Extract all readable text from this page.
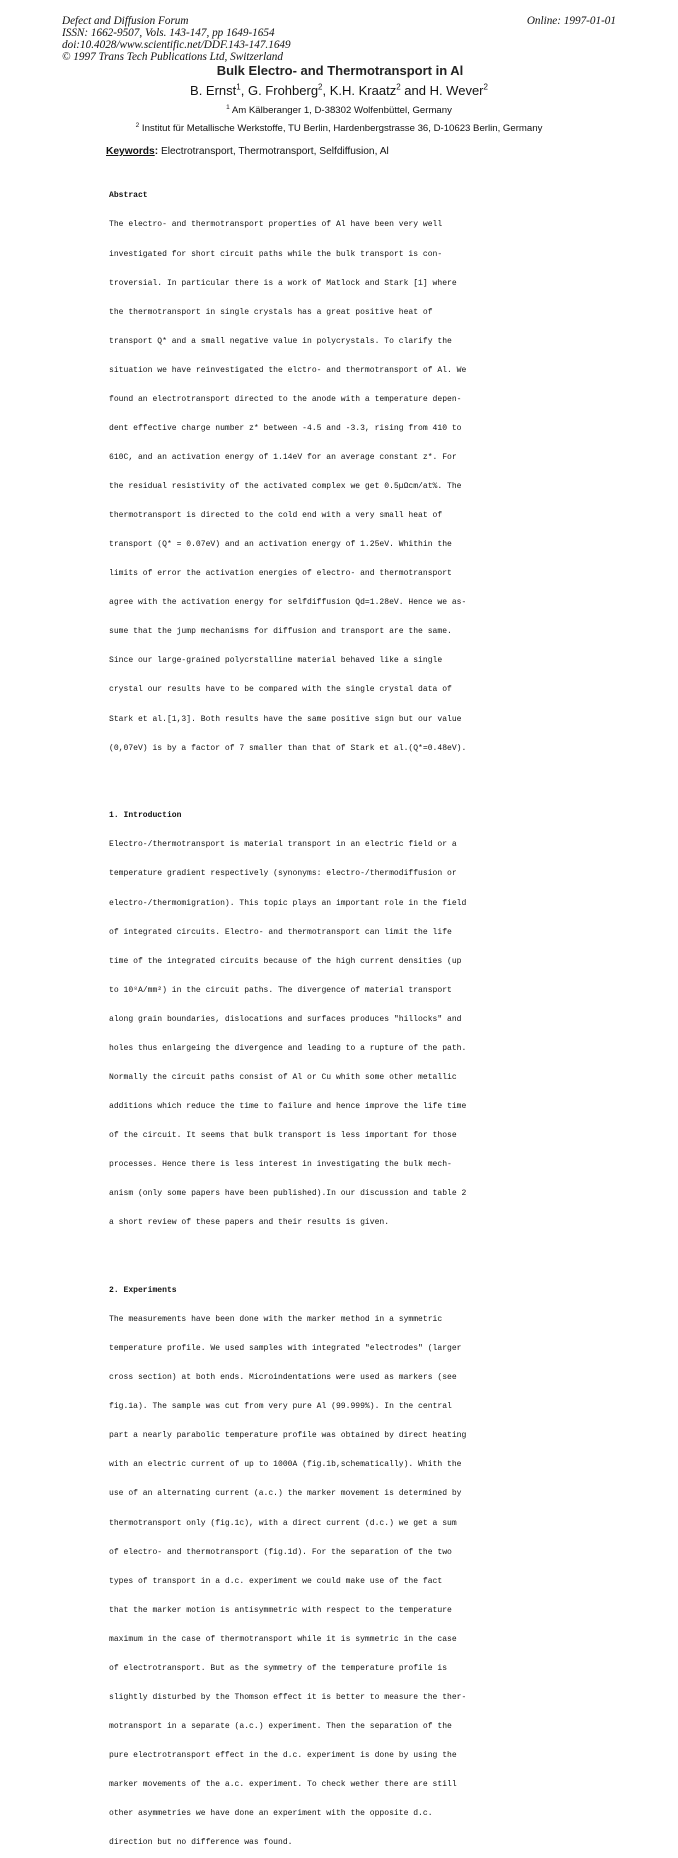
Defect and Diffusion Forum
ISSN: 1662-9507, Vols. 143-147, pp 1649-1654
doi:10.4028/www.scientific.net/DDF.143-147.1649
© 1997 Trans Tech Publications Ltd, Switzerland
Online: 1997-01-01
Bulk Electro- and Thermotransport in Al
B. Ernst$^1$, G. Frohberg$^2$, K.H. Kraatz$^2$ and H. Wever$^2$
$^1$ Am Kälberanger 1, D-38302 Wolfenbüttel, Germany
$^2$ Institut für Metallische Werkstoffe, TU Berlin, Hardenbergstrasse 36, D-10623 Berlin, Germany
Keywords: Electrotransport, Thermotransport, Selfdiffusion, Al

Abstract

The electro- and thermotransport properties of Al have been very well

investigated for short circuit paths while the bulk transport is con-

troversial. In particular there is a work of Matlock and Stark [1] where

the thermotransport in single crystals has a great positive heat of

transport Q* and a small negative value in polycrystals. To clarify the

situation we have reinvestigated the elctro- and thermotransport of Al. We

found an electrotransport directed to the anode with a temperature depen-

dent effective charge number z* between -4.5 and -3.3, rising from 410 to

610C, and an activation energy of 1.14eV for an average constant z*. For

the residual resistivity of the activated complex we get 0.5µΩcm/at%. The

thermotransport is directed to the cold end with a very small heat of

transport (Q* = 0.07eV) and an activation energy of 1.25eV. Whithin the

limits of error the activation energies of electro- and thermotransport

agree with the activation energy for selfdiffusion Qd=1.28eV. Hence we as-

sume that the jump mechanisms for diffusion and transport are the same.

Since our large-grained polycrstalline material behaved like a single

crystal our results have to be compared with the single crystal data of

Stark et al.[1,3]. Both results have the same positive sign but our value

(0,07eV) is by a factor of 7 smaller than that of Stark et al.(Q*=0.48eV).

1. Introduction

Electro-/thermotransport is material transport in an electric field or a

temperature gradient respectively (synonyms: electro-/thermodiffusion or

electro-/thermomigration). This topic plays an important role in the field

of integrated circuits. Electro- and thermotransport can limit the life

time of the integrated circuits because of the high current densities (up

to 10⁸A/mm²) in the circuit paths. The divergence of material transport

along grain boundaries, dislocations and surfaces produces "hillocks" and

holes thus enlargeing the divergence and leading to a rupture of the path.

Normally the circuit paths consist of Al or Cu whith some other metallic

additions which reduce the time to failure and hence improve the life time

of the circuit. It seems that bulk transport is less important for those

processes. Hence there is less interest in investigating the bulk mech-

anism (only some papers have been published).In our discussion and table 2

a short review of these papers and their results is given.

2. Experiments

The measurements have been done with the marker method in a symmetric

temperature profile. We used samples with integrated "electrodes" (larger

cross section) at both ends. Microindentations were used as markers (see

fig.1a). The sample was cut from very pure Al (99.999%). In the central

part a nearly parabolic temperature profile was obtained by direct heating

with an electric current of up to 1000A (fig.1b,schematically). Whith the

use of an alternating current (a.c.) the marker movement is determined by

thermotransport only (fig.1c), with a direct current (d.c.) we get a sum

of electro- and thermotransport (fig.1d). For the separation of the two

types of transport in a d.c. experiment we could make use of the fact

that the marker motion is antisymmetric with respect to the temperature

maximum in the case of thermotransport while it is symmetric in the case

of electrotransport. But as the symmetry of the temperature profile is

slightly disturbed by the Thomson effect it is better to measure the ther-

motransport in a separate (a.c.) experiment. Then the separation of the

pure electrotransport effect in the d.c. experiment is done by using the

marker movements of the a.c. experiment. To check wether there are still

other asymmetries we have done an experiment with the opposite d.c.

direction but no difference was found.
